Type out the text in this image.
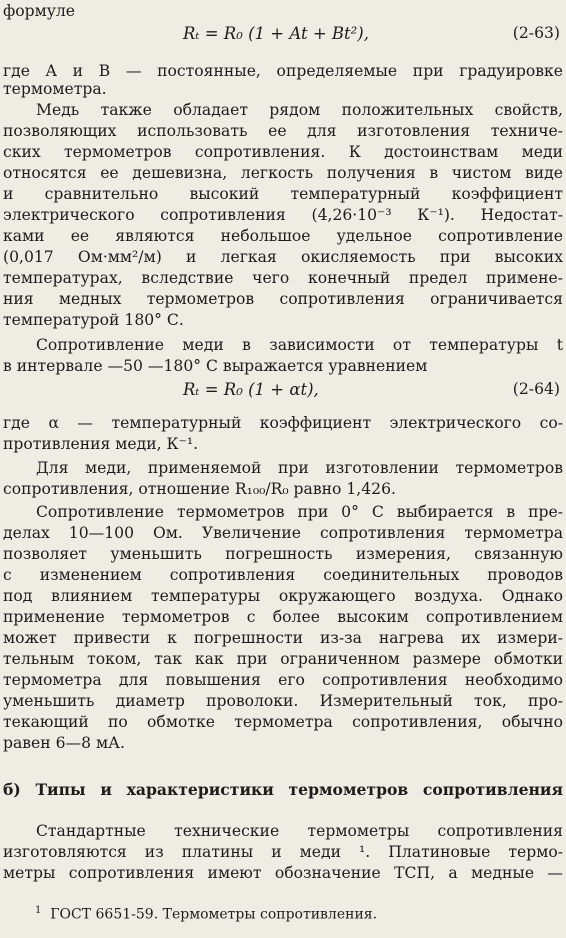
формуле
Rₜ = R₀ (1 + At + Bt²),	(2-63)
где A и B — постоянные, определяемые при градуировке
термометра.
Медь также обладает рядом положительных свойств,
позволяющих использовать ее для изготовления техниче-
ских термометров сопротивления. К достоинствам меди
относятся ее дешевизна, легкость получения в чистом виде
и сравнительно высокий температурный коэффициент
электрического сопротивления (4,26·10⁻³ К⁻¹). Недостат-
ками ее являются небольшое удельное сопротивление
(0,017 Ом·мм²/м) и легкая окисляемость при высоких
температурах, вследствие чего конечный предел примене-
ния медных термометров сопротивления ограничивается
температурой 180° С.
Сопротивление меди в зависимости от температуры t
в интервале —50 —180° С выражается уравнением
Rₜ = R₀ (1 + αt),	(2-64)
где α — температурный коэффициент электрического со-
противления меди, К⁻¹.
Для меди, применяемой при изготовлении термометров
сопротивления, отношение R₁₀₀/R₀ равно 1,426.
Сопротивление термометров при 0° С выбирается в пре-
делах 10—100 Ом. Увеличение сопротивления термометра
позволяет уменьшить погрешность измерения, связанную
с изменением сопротивления соединительных проводов
под влиянием температуры окружающего воздуха. Однако
применение термометров с более высоким сопротивлением
может привести к погрешности из-за нагрева их измери-
тельным током, так как при ограниченном размере обмотки
термометра для повышения его сопротивления необходимо
уменьшить диаметр проволоки. Измерительный ток, про-
текающий по обмотке термометра сопротивления, обычно
равен 6—8 мА.
б) Типы и характеристики термометров сопротивления
Стандартные технические термометры сопротивления
изготовляются из платины и меди ¹. Платиновые термо-
метры сопротивления имеют обозначение ТСП, а медные —
$^1$ ГОСТ 6651-59. Термометры сопротивления.
